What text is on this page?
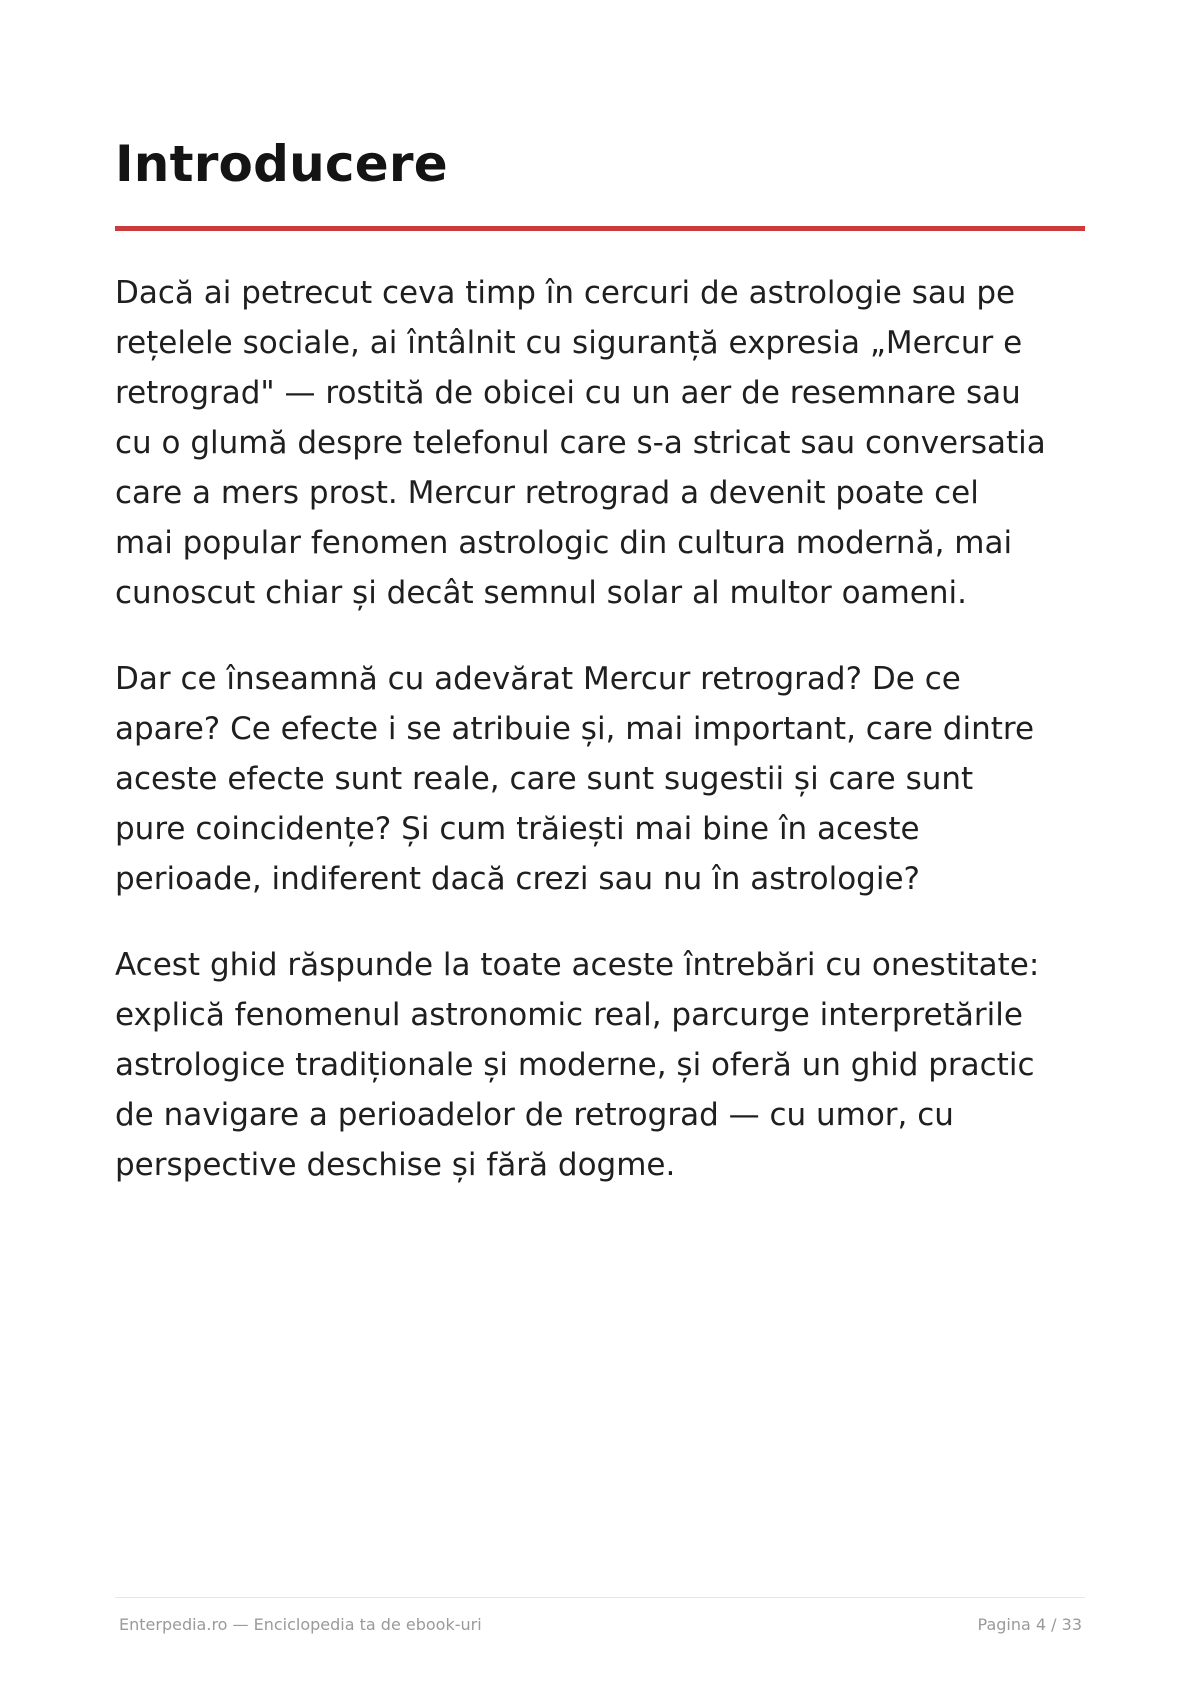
Introducere

Dacă ai petrecut ceva timp în cercuri de astrologie sau pe
rețelele sociale, ai întâlnit cu siguranță expresia „Mercur e
retrograd" — rostită de obicei cu un aer de resemnare sau
cu o glumă despre telefonul care s-a stricat sau conversatia
care a mers prost. Mercur retrograd a devenit poate cel
mai popular fenomen astrologic din cultura modernă, mai
cunoscut chiar și decât semnul solar al multor oameni.

Dar ce înseamnă cu adevărat Mercur retrograd? De ce
apare? Ce efecte i se atribuie și, mai important, care dintre
aceste efecte sunt reale, care sunt sugestii și care sunt
pure coincidențe? Și cum trăiești mai bine în aceste
perioade, indiferent dacă crezi sau nu în astrologie?

Acest ghid răspunde la toate aceste întrebări cu onestitate:
explică fenomenul astronomic real, parcurge interpretările
astrologice tradiționale și moderne, și oferă un ghid practic
de navigare a perioadelor de retrograd — cu umor, cu
perspective deschise și fără dogme.

Enterpedia.ro — Enciclopedia ta de ebook-uri	Pagina 4 / 33
